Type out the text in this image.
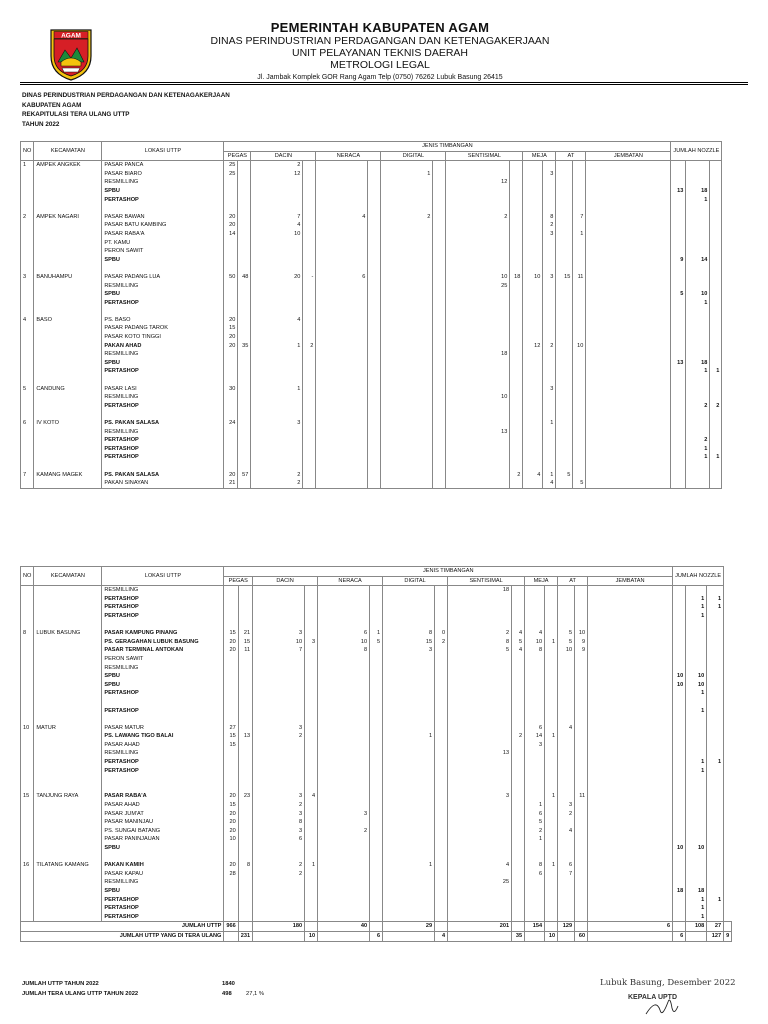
AGAM
PEMERINTAH KABUPATEN AGAM
DINAS PERINDUSTRIAN PERDAGANGAN DAN KETENAGAKERJAAN
UNIT PELAYANAN TEKNIS DAERAH
METROLOGI LEGAL
Jl. Jambak Komplek GOR Rang Agam Telp (0750) 76262 Lubuk Basung 26415
DINAS PERINDUSTRIAN PERDAGANGAN DAN KETENAGAKERJAAN
KABUPATEN AGAM
REKAPITULASI TERA ULANG UTTP
TAHUN 2022
NO	KECAMATAN	LOKASI UTTP	JENIS TIMBANGAN															JUMLAH NOZZLE		
			PEGAS		DACIN		NERACA		DIGITAL		SENTISIMAL		MEJA		AT		JEMBATAN			
1	AMPEK ANGKEK	PASAR PANCA	25		2															
		PASAR BIARO	25		12				1					3						
		RESMILLING									12									
		SPBU																13	18	
		PERTASHOP																	1	

2	AMPEK NAGARI	PASAR BAWAN	20		7		4		2		2			8		7				
		PASAR BATU KAMBING	20		4									2						
		PASAR RABA'A	14		10									3		1				
		PT. KAMU																		
		PERON SAWIT																		
		SPBU																9	14	

3	BANUHAMPU	PASAR PADANG LUA	50	48	20	-	6				10	18	10	3	15	11				
		RESMILLING									25									
		SPBU																5	10	
		PERTASHOP																	1	

4	BASO	PS. BASO	20		4															
		PASAR PADANG TAROK	15																	
		PASAR KOTO TINGGI	20																	
		PAKAN AHAD	20	35	1	2							12	2		10				
		RESMILLING									18									
		SPBU																13	18	
		PERTASHOP																	1	1

5	CANDUNG	PASAR LASI	30		1									3						
		RESMILLING									10									
		PERTASHOP																	2	2

6	IV KOTO	PS. PAKAN SALASA	24		3									1						
		RESMILLING									13									
		PERTASHOP																	2	
		PERTASHOP																	1	
		PERTASHOP																	1	1

7	KAMANG MAGEK	PS. PAKAN SALASA	20	57	2							2	4	1	5					
		PAKAN SINAYAN	21		2									4		5				
NO	KECAMATAN	LOKASI UTTP	JENIS TIMBANGAN															JUMLAH NOZZLE			
			PEGAS		DACIN		NERACA		DIGITAL		SENTISIMAL		MEJA		AT		JEMBATAN				
		RESMILLING									18										
		PERTASHOP																	1	1	
		PERTASHOP																	1	1	
		PERTASHOP																	1		

8	LUBUK BASUNG	PASAR KAMPUNG PINANG	15	21	3		6	1	8	0	2	4	4		5	10					
		PS. GERAGAHAN LUBUK BASUNG	20	15	10	3	10	5	15	2	8	5	10	1	5	9					
		PASAR TERMINAL ANTOKAN	20	11	7		8		3		5	4	8		10	9					
		PERON SAWIT																			
		RESMILLING																			
		SPBU																10	10		
		SPBU																10	10		
		PERTASHOP																	1		

		PERTASHOP																	1		

10	MATUR	PASAR MATUR	27		3								6		4						
		PS. LAWANG TIGO BALAI	15	13	2				1			2	14	1							
		PASAR AHAD	15										3								
		RESMILLING									13										
		PERTASHOP																	1	1	
		PERTASHOP																	1		

15	TANJUNG RAYA	PASAR RABA'A	20	23	3	4					3			1		11					
		PASAR AHAD	15		2								1		3						
		PASAR JUM'AT	20		3		3						6		2						
		PASAR MANINJAU	20		8								5								
		PS. SUNGAI BATANG	20		3		2						2		4						
		PASAR PANINJAUAN	10		6								1								
		SPBU																10	10		

16	TILATANG KAMANG	PAKAN KAMIH	20	8	2	1			1		4		8	1	6						
		PASAR KAPAU	28		2								6		7						
		RESMILLING									25										
		SPBU																18	18		
		PERTASHOP																	1	1	
		PERTASHOP																	1		
		PERTASHOP																	1		
JUMLAH UTTP			966		180		40		29		201		154		129		6		108	27	
JUMLAH UTTP YANG DI TERA ULANG				231		10		6		4		35		10		60		6		127	9
JUMLAH UTTP TAHUN 2022	1840
JUMLAH TERA ULANG UTTP TAHUN 2022	498 27,1 %
Lubuk Basung, Desember 2022
KEPALA UPTD
